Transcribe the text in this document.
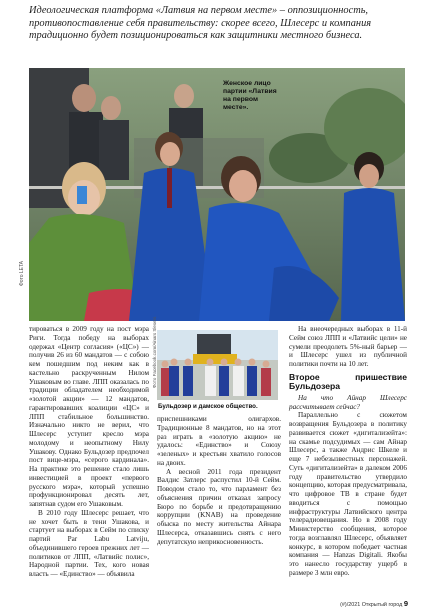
Идеологическая платформа «Латвия на первом месте» – оппозиционность, противопоставление себя правительству: скорее всего, Шлесерс и компания традиционно будет позиционироваться как защитники местного бизнеса.

Женское лицо партии «Латвия на первом месте».
Фото LETA

тироваться в 2009 году на пост мэра Риги. Тогда победу на выборах одержал «Центр согласия» («ЦС») — получив 26 из 60 мандатов — с coбою кем пошедшим под неким как в кастельно раскрученным Нилом Ушаковым во главе. ЛПП оказалась по традиции обладателем необходимой «золотой акции» — 12 мандатов, гарантировавших коалиции «ЦС» и ЛПП стабильное большинство. Изначально никто не верил, что Шлесерс уступит кресло мэра молодому и неопытному Нилу Ушакову. Однако Бульдозер предпочел пост вице-мэра, «серого кардинала». На практике это решение стало лишь инвестицией в проект «первого русского мэра», который успешно профункционировал десять лет, запятнав судом его Ушаковым.

В 2010 году Шлесерс решает, что не хочет быть в тени Ушакова, и стартует на выборах в Сейм по списку партий Par Labu Latviju, объединившего героев прежних лет — политиков от ЛПП, «Латвийс полис», Народной партии. Тех, кого новая власть — «Единство» — объявила

Фото Facebook.com/Ainars Slesers
Бульдозер и дамское общество.

приспешниками олигархов. Традиционные 8 мандатов, но на этот раз играть в «золотую акцию» не удалось: «Единство» и Союзу «зеленых» и крестьян хватило голосов на двоих.

А весной 2011 года президент Валдис Затлерс распустил 10-й Сейм. Поводом стало то, что парламент без объяснения причин отказал запросу Бюро по борьбе и предотвращению коррупции (KNAB) на проведение обыска по месту жительства Айнара Шлесерса, отказавшись снять с него депутатскую неприкосновенность.

На внеочередных выборах в 11-й Сейм союз ЛПП и «Латвийс цели» не сумели преодолеть 5%-ный барьер — и Шлесерс ушел из публичной политики почти на 10 лет.

Второе пришествие Бульдозера

На что Айнар Шлесерс рассчитывает сейчас?

Параллельно с сюжетом возвращения Бульдозера в политику развивается сюжет «дигитализейта»: на скамье подсудимых — сам Айнар Шлесерс, а также Андрис Шкеле и еще 7 небезызвестных персонажей. Суть «дигитализейта» в далеком 2006 году правительство утвердило концепцию, которая предусматривала, что цифровое ТВ в стране будет вводиться с помощью инфраструктуры Латвийского центра телерадиовещания. Но в 2008 году Министерство сообщения, которое тогда возглавлял Шлесерс, объявляет конкурс, в котором победает частная компания — Hanzas Digitali. Якобы это нанесло государству ущерб в размере 3 млн евро.

(#)/2021 Открытый город 9
